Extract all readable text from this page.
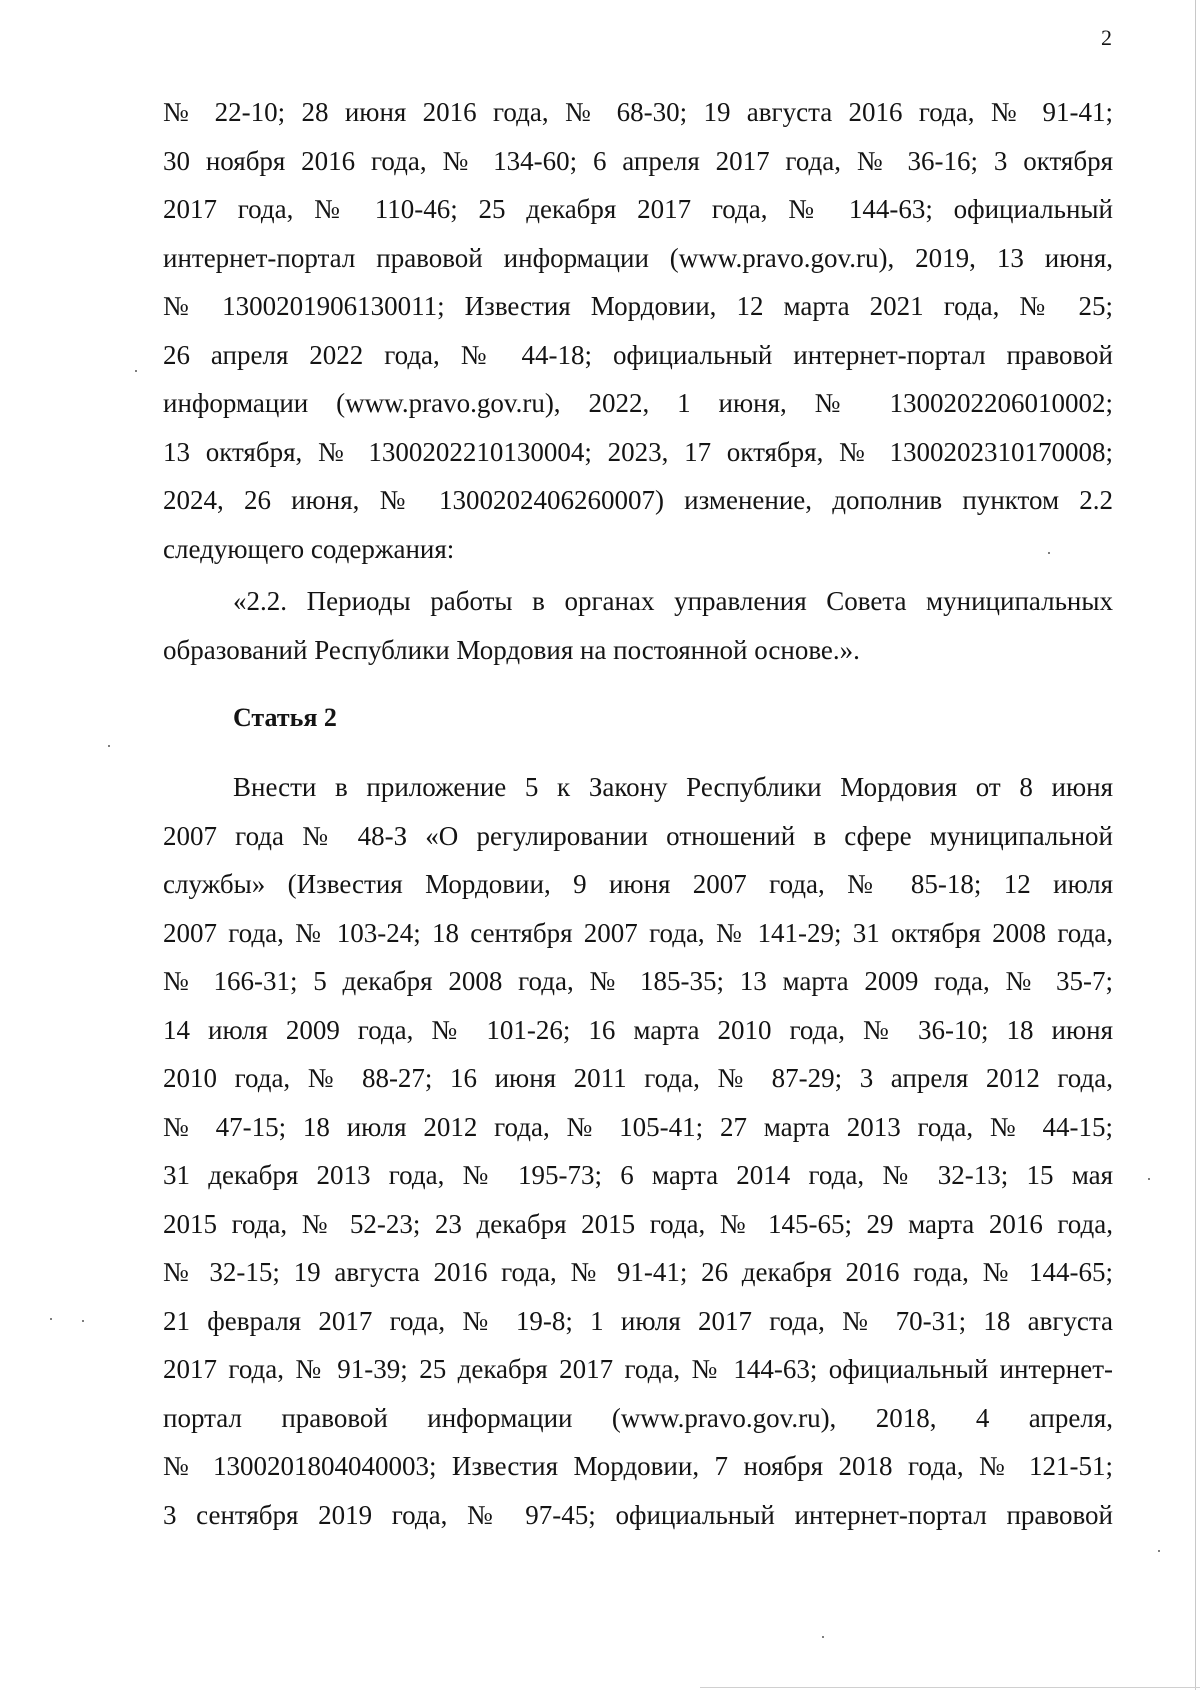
2
№ 22-10; 28 июня 2016 года, № 68-30; 19 августа 2016 года, № 91-41;
30 ноября 2016 года, № 134-60; 6 апреля 2017 года, № 36-16; 3 октября
2017 года, № 110-46; 25 декабря 2017 года, № 144-63; официальный
интернет-портал правовой информации (www.pravo.gov.ru), 2019, 13 июня,
№ 1300201906130011; Известия Мордовии, 12 марта 2021 года, № 25;
26 апреля 2022 года, № 44-18; официальный интернет-портал правовой
информации (www.pravo.gov.ru), 2022, 1 июня, № 1300202206010002;
13 октября, № 1300202210130004; 2023, 17 октября, № 1300202310170008;
2024, 26 июня, № 1300202406260007) изменение, дополнив пунктом 2.2
следующего содержания:
«2.2. Периоды работы в органах управления Совета муниципальных
образований Республики Мордовия на постоянной основе.».
Статья 2
Внести в приложение 5 к Закону Республики Мордовия от 8 июня
2007 года № 48-З «О регулировании отношений в сфере муниципальной
службы» (Известия Мордовии, 9 июня 2007 года, № 85-18; 12 июля
2007 года, № 103-24; 18 сентября 2007 года, № 141-29; 31 октября 2008 года,
№ 166-31; 5 декабря 2008 года, № 185-35; 13 марта 2009 года, № 35-7;
14 июля 2009 года, № 101-26; 16 марта 2010 года, № 36-10; 18 июня
2010 года, № 88-27; 16 июня 2011 года, № 87-29; 3 апреля 2012 года,
№ 47-15; 18 июля 2012 года, № 105-41; 27 марта 2013 года, № 44-15;
31 декабря 2013 года, № 195-73; 6 марта 2014 года, № 32-13; 15 мая
2015 года, № 52-23; 23 декабря 2015 года, № 145-65; 29 марта 2016 года,
№ 32-15; 19 августа 2016 года, № 91-41; 26 декабря 2016 года, № 144-65;
21 февраля 2017 года, № 19-8; 1 июля 2017 года, № 70-31; 18 августа
2017 года, № 91-39; 25 декабря 2017 года, № 144-63; официальный интернет-
портал правовой информации (www.pravo.gov.ru), 2018, 4 апреля,
№ 1300201804040003; Известия Мордовии, 7 ноября 2018 года, № 121-51;
3 сентября 2019 года, № 97-45; официальный интернет-портал правовой
